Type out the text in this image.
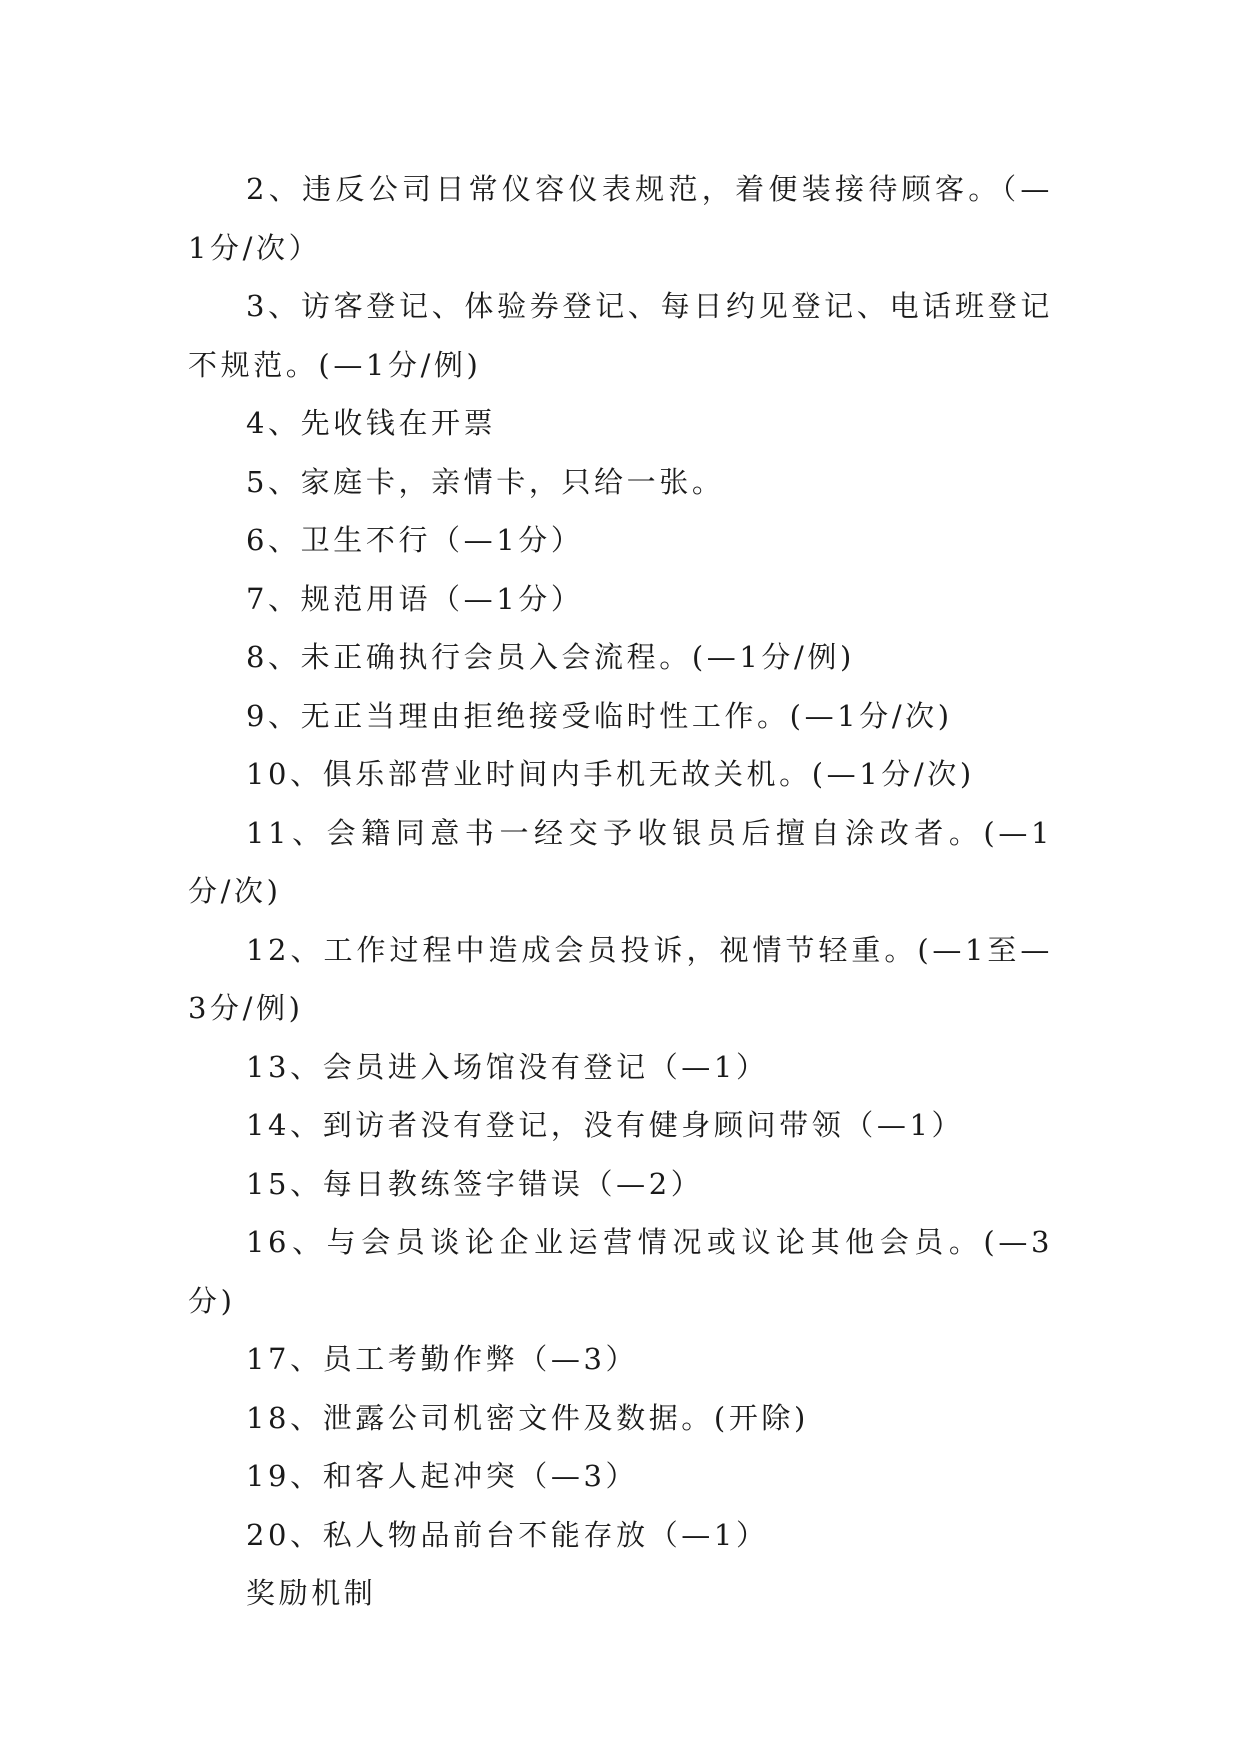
2、违反公司日常仪容仪表规范，着便装接待顾客。（—1分/次）

3、访客登记、体验券登记、每日约见登记、电话班登记不规范。(—1分/例)

4、先收钱在开票

5、家庭卡，亲情卡，只给一张。

6、卫生不行（—1分）

7、规范用语（—1分）

8、未正确执行会员入会流程。(—1分/例)

9、无正当理由拒绝接受临时性工作。(—1分/次)

10、俱乐部营业时间内手机无故关机。(—1分/次)

11、会籍同意书一经交予收银员后擅自涂改者。(—1分/次)

12、工作过程中造成会员投诉，视情节轻重。(—1至—3分/例)

13、会员进入场馆没有登记（—1）

14、到访者没有登记，没有健身顾问带领（—1）

15、每日教练签字错误（—2）

16、与会员谈论企业运营情况或议论其他会员。(—3分)

17、员工考勤作弊（—3）

18、泄露公司机密文件及数据。(开除)

19、和客人起冲突（—3）

20、私人物品前台不能存放（—1）

奖励机制
